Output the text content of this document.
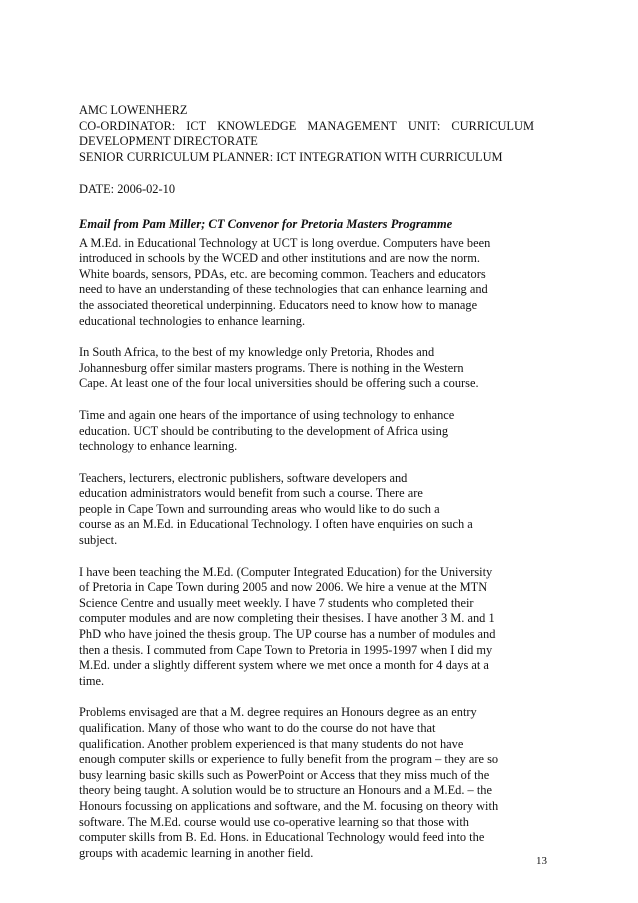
AMC LOWENHERZ
CO-ORDINATOR: ICT KNOWLEDGE MANAGEMENT UNIT: CURRICULUM
DEVELOPMENT DIRECTORATE
SENIOR CURRICULUM PLANNER: ICT INTEGRATION WITH CURRICULUM
DATE: 2006-02-10
Email from Pam Miller; CT Convenor for Pretoria Masters Programme
A M.Ed. in Educational Technology at UCT is long overdue. Computers have been
introduced in schools by the WCED and other institutions and are now the norm.
White boards, sensors, PDAs, etc. are becoming common. Teachers and educators
need to have an understanding of these technologies that can enhance learning and
the associated theoretical underpinning. Educators need to know how to manage
educational technologies to enhance learning.
In South Africa, to the best of my knowledge only Pretoria, Rhodes and
Johannesburg offer similar masters programs. There is nothing in the Western
Cape. At least one of the four local universities should be offering such a course.
Time and again one hears of the importance of using technology to enhance
education. UCT should be contributing to the development of Africa using
technology to enhance learning.
Teachers, lecturers, electronic publishers, software developers and
education administrators would benefit from such a course. There are
people in Cape Town and surrounding areas who would like to do such a
course as an M.Ed. in Educational Technology. I often have enquiries on such a
subject.
I have been teaching the M.Ed. (Computer Integrated Education) for the University
of Pretoria in Cape Town during 2005 and now 2006. We hire a venue at the MTN
Science Centre and usually meet weekly. I have 7 students who completed their
computer modules and are now completing their thesises. I have another 3 M. and 1
PhD who have joined the thesis group. The UP course has a number of modules and
then a thesis. I commuted from Cape Town to Pretoria in 1995-1997 when I did my
M.Ed. under a slightly different system where we met once a month for 4 days at a
time.
Problems envisaged are that a M. degree requires an Honours degree as an entry
qualification. Many of those who want to do the course do not have that
qualification. Another problem experienced is that many students do not have
enough computer skills or experience to fully benefit from the program – they are so
busy learning basic skills such as PowerPoint or Access that they miss much of the
theory being taught. A solution would be to structure an Honours and a M.Ed. – the
Honours focussing on applications and software, and the M. focusing on theory with
software. The M.Ed. course would use co-operative learning so that those with
computer skills from B. Ed. Hons. in Educational Technology would feed into the
groups with academic learning in another field.
13
